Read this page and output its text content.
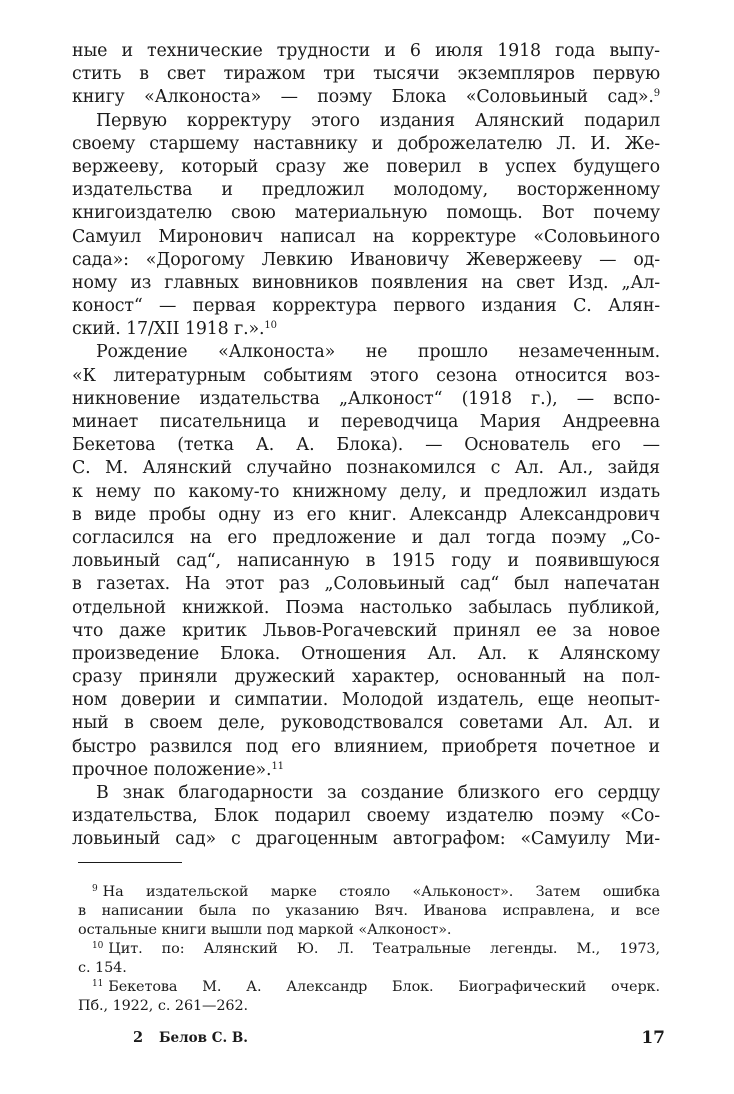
ные и технические трудности и 6 июля 1918 года выпу-
стить в свет тиражом три тысячи экземпляров первую
книгу «Алконоста» — поэму Блока «Соловьиный сад».$^9$
Первую корректуру этого издания Алянский подарил
своему старшему наставнику и доброжелателю Л. И. Же-
вержееву, который сразу же поверил в успех будущего
издательства и предложил молодому, восторженному
книгоиздателю свою материальную помощь. Вот почему
Самуил Миронович написал на корректуре «Соловьиного
сада»: «Дорогому Левкию Ивановичу Жевержееву — од-
ному из главных виновников появления на свет Изд. „Ал-
коност“ — первая корректура первого издания С. Алян-
ский. 17/XII 1918 г.».$^{10}$
Рождение «Алконоста» не прошло незамеченным.
«К литературным событиям этого сезона относится воз-
никновение издательства „Алконост“ (1918 г.), — вспо-
минает писательница и переводчица Мария Андреевна
Бекетова (тетка А. А. Блока). — Основатель его —
С. М. Алянский случайно познакомился с Ал. Ал., зайдя
к нему по какому-то книжному делу, и предложил издать
в виде пробы одну из его книг. Александр Александрович
согласился на его предложение и дал тогда поэму „Со-
ловьиный сад“, написанную в 1915 году и появившуюся
в газетах. На этот раз „Соловьиный сад“ был напечатан
отдельной книжкой. Поэма настолько забылась публикой,
что даже критик Львов-Рогачевский принял ее за новое
произведение Блока. Отношения Ал. Ал. к Алянскому
сразу приняли дружеский характер, основанный на пол-
ном доверии и симпатии. Молодой издатель, еще неопыт-
ный в своем деле, руководствовался советами Ал. Ал. и
быстро развился под его влиянием, приобретя почетное и
прочное положение».$^{11}$
В знак благодарности за создание близкого его сердцу
издательства, Блок подарил своему издателю поэму «Со-
ловьиный сад» с драгоценным автографом: «Самуилу Ми-
$^9$ На издательской марке стояло «Альконост». Затем ошибка
в написании была по указанию Вяч. Иванова исправлена, и все
остальные книги вышли под маркой «Алконост».
$^{10}$ Цит. по: Алянский Ю. Л. Театральные легенды. М., 1973,
с. 154.
$^{11}$ Бекетова М. А. Александр Блок. Биографический очерк.
Пб., 1922, с. 261—262.
2 Белов С. В.	17
